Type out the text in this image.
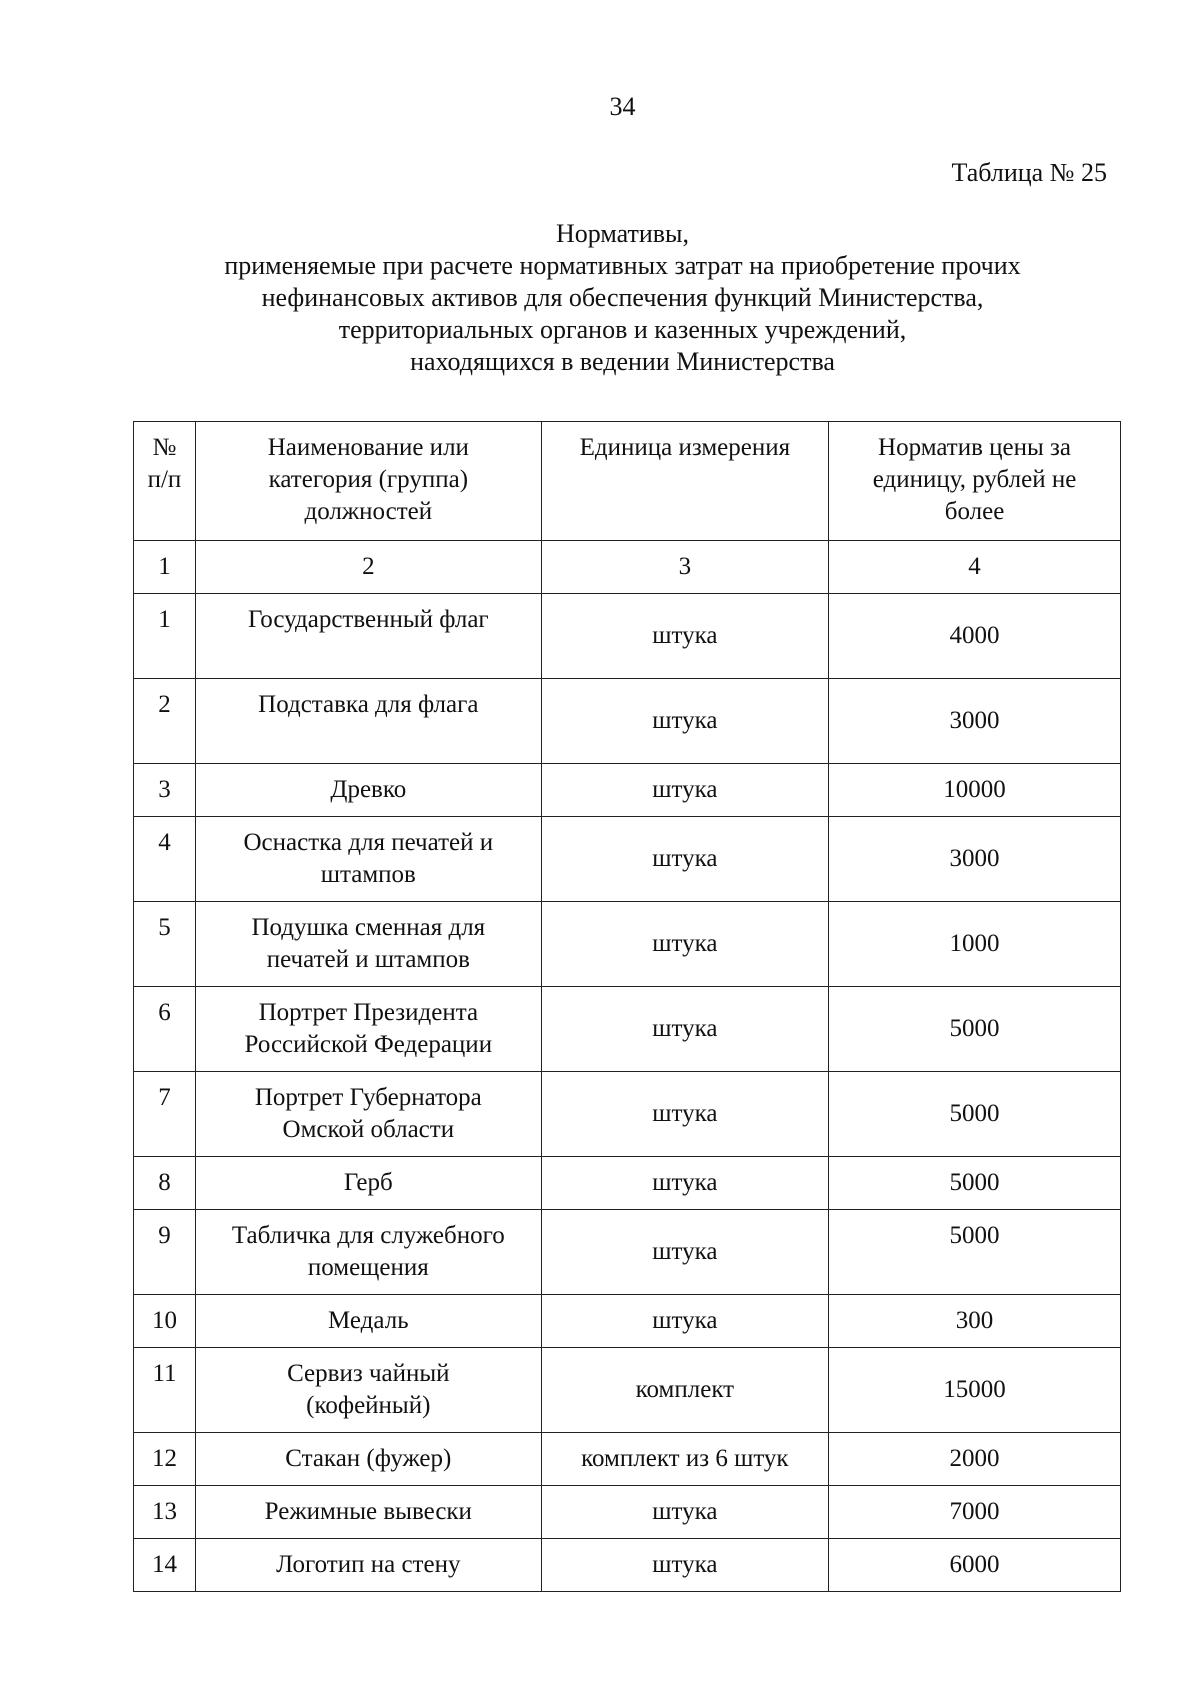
34
Таблица № 25
Нормативы,
применяемые при расчете нормативных затрат на приобретение прочих
нефинансовых активов для обеспечения функций Министерства,
территориальных органов и казенных учреждений,
находящихся в ведении Министерства
№ п/п	Наименование или категория (группа) должностей	Единица измерения	Норматив цены за единицу, рублей не более
1	2	3	4
1	Государственный флаг	штука	4000
2	Подставка для флага	штука	3000
3	Древко	штука	10000
4	Оснастка для печатей и штампов	штука	3000
5	Подушка сменная для печатей и штампов	штука	1000
6	Портрет Президента Российской Федерации	штука	5000
7	Портрет Губернатора Омской области	штука	5000
8	Герб	штука	5000
9	Табличка для служебного помещения	штука	5000
10	Медаль	штука	300
11	Сервиз чайный (кофейный)	комплект	15000
12	Стакан (фужер)	комплект из 6 штук	2000
13	Режимные вывески	штука	7000
14	Логотип на стену	штука	6000
